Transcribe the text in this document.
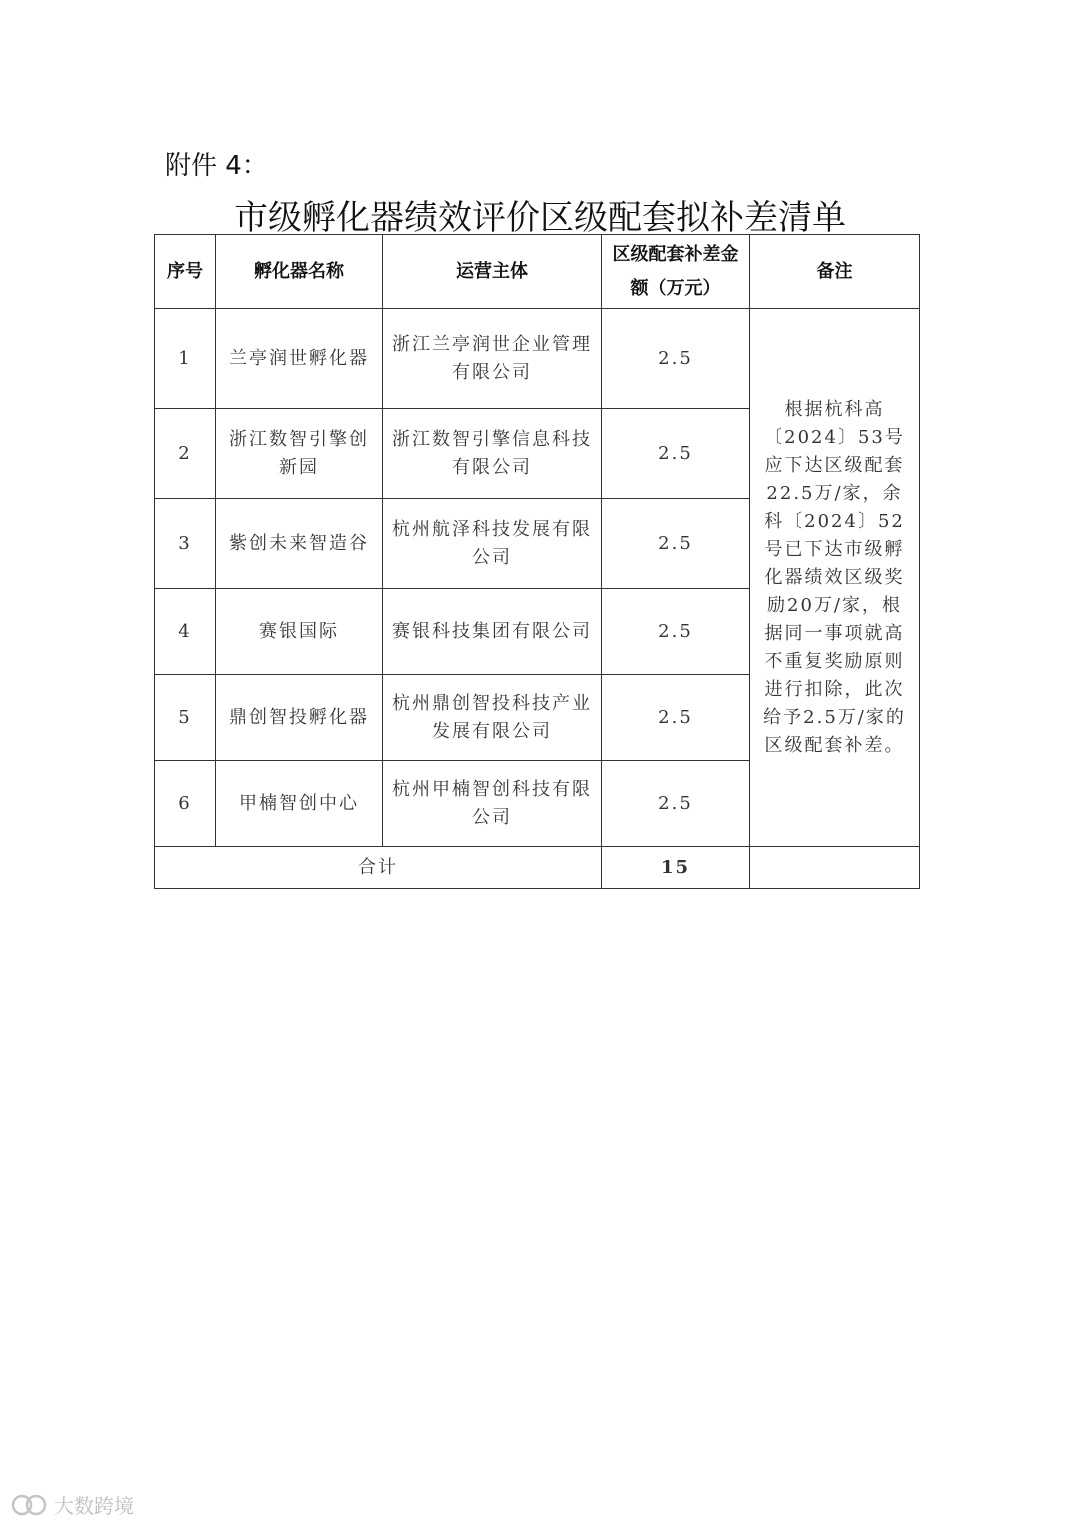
附件 4：
市级孵化器绩效评价区级配套拟补差清单
序号	孵化器名称	运营主体	区级配套补差金额（万元）	备注
1	兰亭润世孵化器	浙江兰亭润世企业管理有限公司	2.5	根据杭科高〔2024〕53号应下达区级配套22.5万/家，余科〔2024〕52号已下达市级孵化器绩效区级奖励20万/家，根据同一事项就高不重复奖励原则进行扣除，此次给予2.5万/家的区级配套补差。
2	浙江数智引擎创新园	浙江数智引擎信息科技有限公司	2.5	
3	紫创未来智造谷	杭州航泽科技发展有限公司	2.5	
4	赛银国际	赛银科技集团有限公司	2.5	
5	鼎创智投孵化器	杭州鼎创智投科技产业发展有限公司	2.5	
6	甲楠智创中心	杭州甲楠智创科技有限公司	2.5	
合计			15	
大数跨境
